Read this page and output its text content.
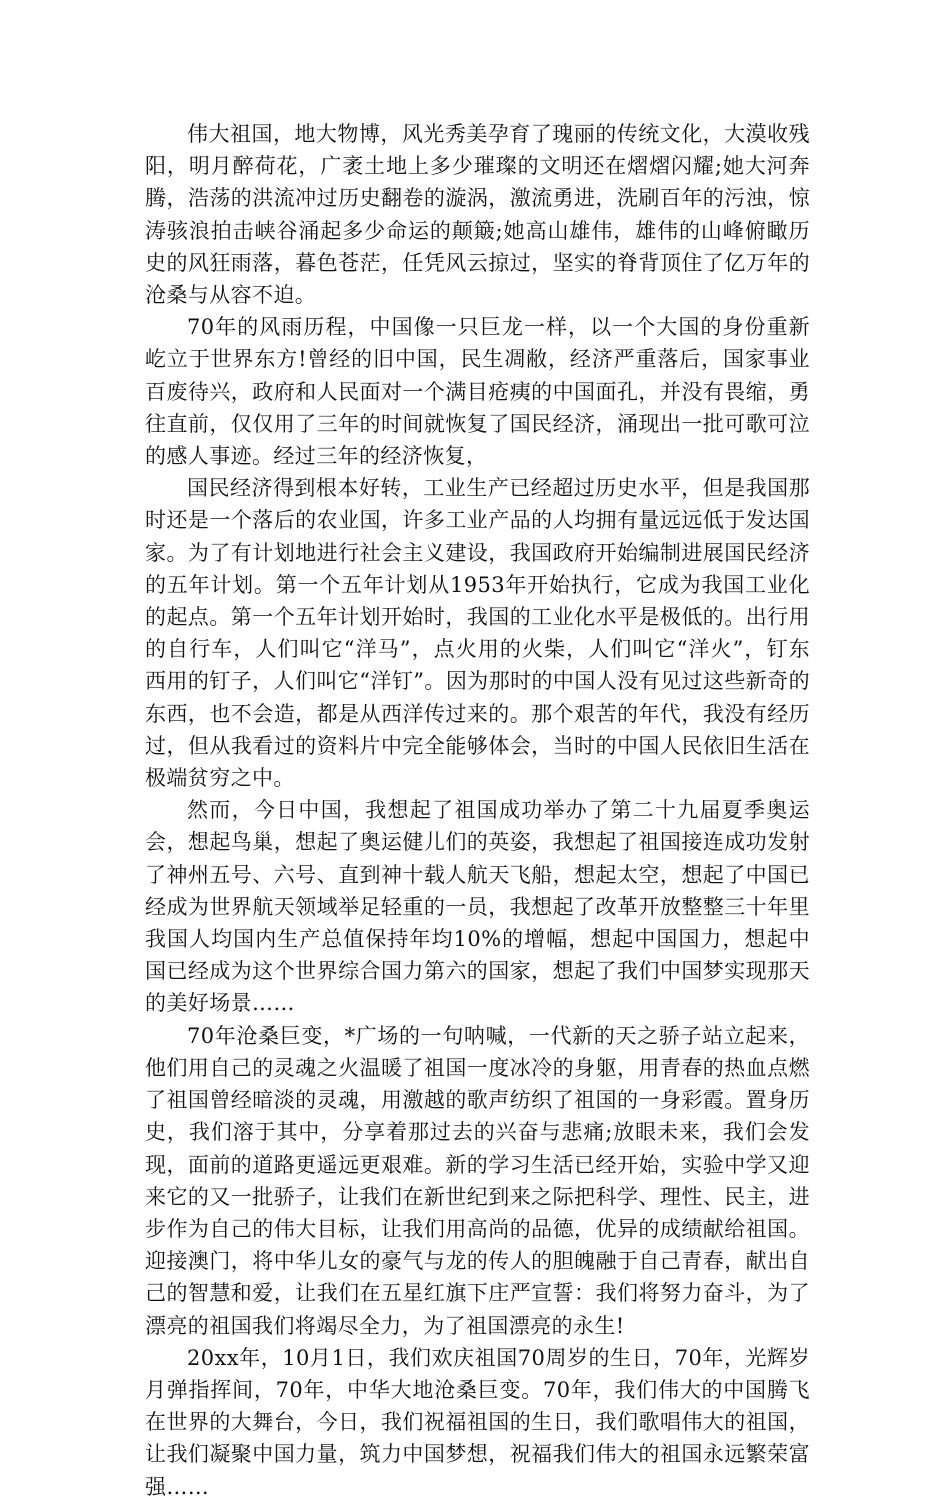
伟大祖国，地大物博，风光秀美孕育了瑰丽的传统文化，大漠收残阳，明月醉荷花，广袤土地上多少璀璨的文明还在熠熠闪耀;她大河奔腾，浩荡的洪流冲过历史翻卷的漩涡，激流勇进，洗刷百年的污浊，惊涛骇浪拍击峡谷涌起多少命运的颠簸;她高山雄伟，雄伟的山峰俯瞰历史的风狂雨落，暮色苍茫，任凭风云掠过，坚实的脊背顶住了亿万年的沧桑与从容不迫。

70年的风雨历程，中国像一只巨龙一样，以一个大国的身份重新屹立于世界东方!曾经的旧中国，民生凋敝，经济严重落后，国家事业百废待兴，政府和人民面对一个满目疮痍的中国面孔，并没有畏缩，勇往直前，仅仅用了三年的时间就恢复了国民经济，涌现出一批可歌可泣的感人事迹。经过三年的经济恢复，

国民经济得到根本好转，工业生产已经超过历史水平，但是我国那时还是一个落后的农业国，许多工业产品的人均拥有量远远低于发达国家。为了有计划地进行社会主义建设，我国政府开始编制进展国民经济的五年计划。第一个五年计划从1953年开始执行，它成为我国工业化的起点。第一个五年计划开始时，我国的工业化水平是极低的。出行用的自行车，人们叫它“洋马”，点火用的火柴，人们叫它“洋火”，钉东西用的钉子，人们叫它“洋钉”。因为那时的中国人没有见过这些新奇的东西，也不会造，都是从西洋传过来的。那个艰苦的年代，我没有经历过，但从我看过的资料片中完全能够体会，当时的中国人民依旧生活在极端贫穷之中。

然而，今日中国，我想起了祖国成功举办了第二十九届夏季奥运会，想起鸟巢，想起了奥运健儿们的英姿，我想起了祖国接连成功发射了神州五号、六号、直到神十载人航天飞船，想起太空，想起了中国已经成为世界航天领域举足轻重的一员，我想起了改革开放整整三十年里我国人均国内生产总值保持年均10%的增幅，想起中国国力，想起中国已经成为这个世界综合国力第六的国家，想起了我们中国梦实现那天的美好场景……

70年沧桑巨变，*广场的一句呐喊，一代新的天之骄子站立起来，他们用自己的灵魂之火温暖了祖国一度冰冷的身躯，用青春的热血点燃了祖国曾经暗淡的灵魂，用激越的歌声纺织了祖国的一身彩霞。置身历史，我们溶于其中，分享着那过去的兴奋与悲痛;放眼未来，我们会发现，面前的道路更遥远更艰难。新的学习生活已经开始，实验中学又迎来它的又一批骄子，让我们在新世纪到来之际把科学、理性、民主，进步作为自己的伟大目标，让我们用高尚的品德，优异的成绩献给祖国。迎接澳门，将中华儿女的豪气与龙的传人的胆魄融于自己青春，献出自己的智慧和爱，让我们在五星红旗下庄严宣誓：我们将努力奋斗，为了漂亮的祖国我们将竭尽全力，为了祖国漂亮的永生!

20xx年，10月1日，我们欢庆祖国70周岁的生日，70年，光辉岁月弹指挥间，70年，中华大地沧桑巨变。70年，我们伟大的中国腾飞在世界的大舞台，今日，我们祝福祖国的生日，我们歌唱伟大的祖国，让我们凝聚中国力量，筑力中国梦想，祝福我们伟大的祖国永远繁荣富强……
